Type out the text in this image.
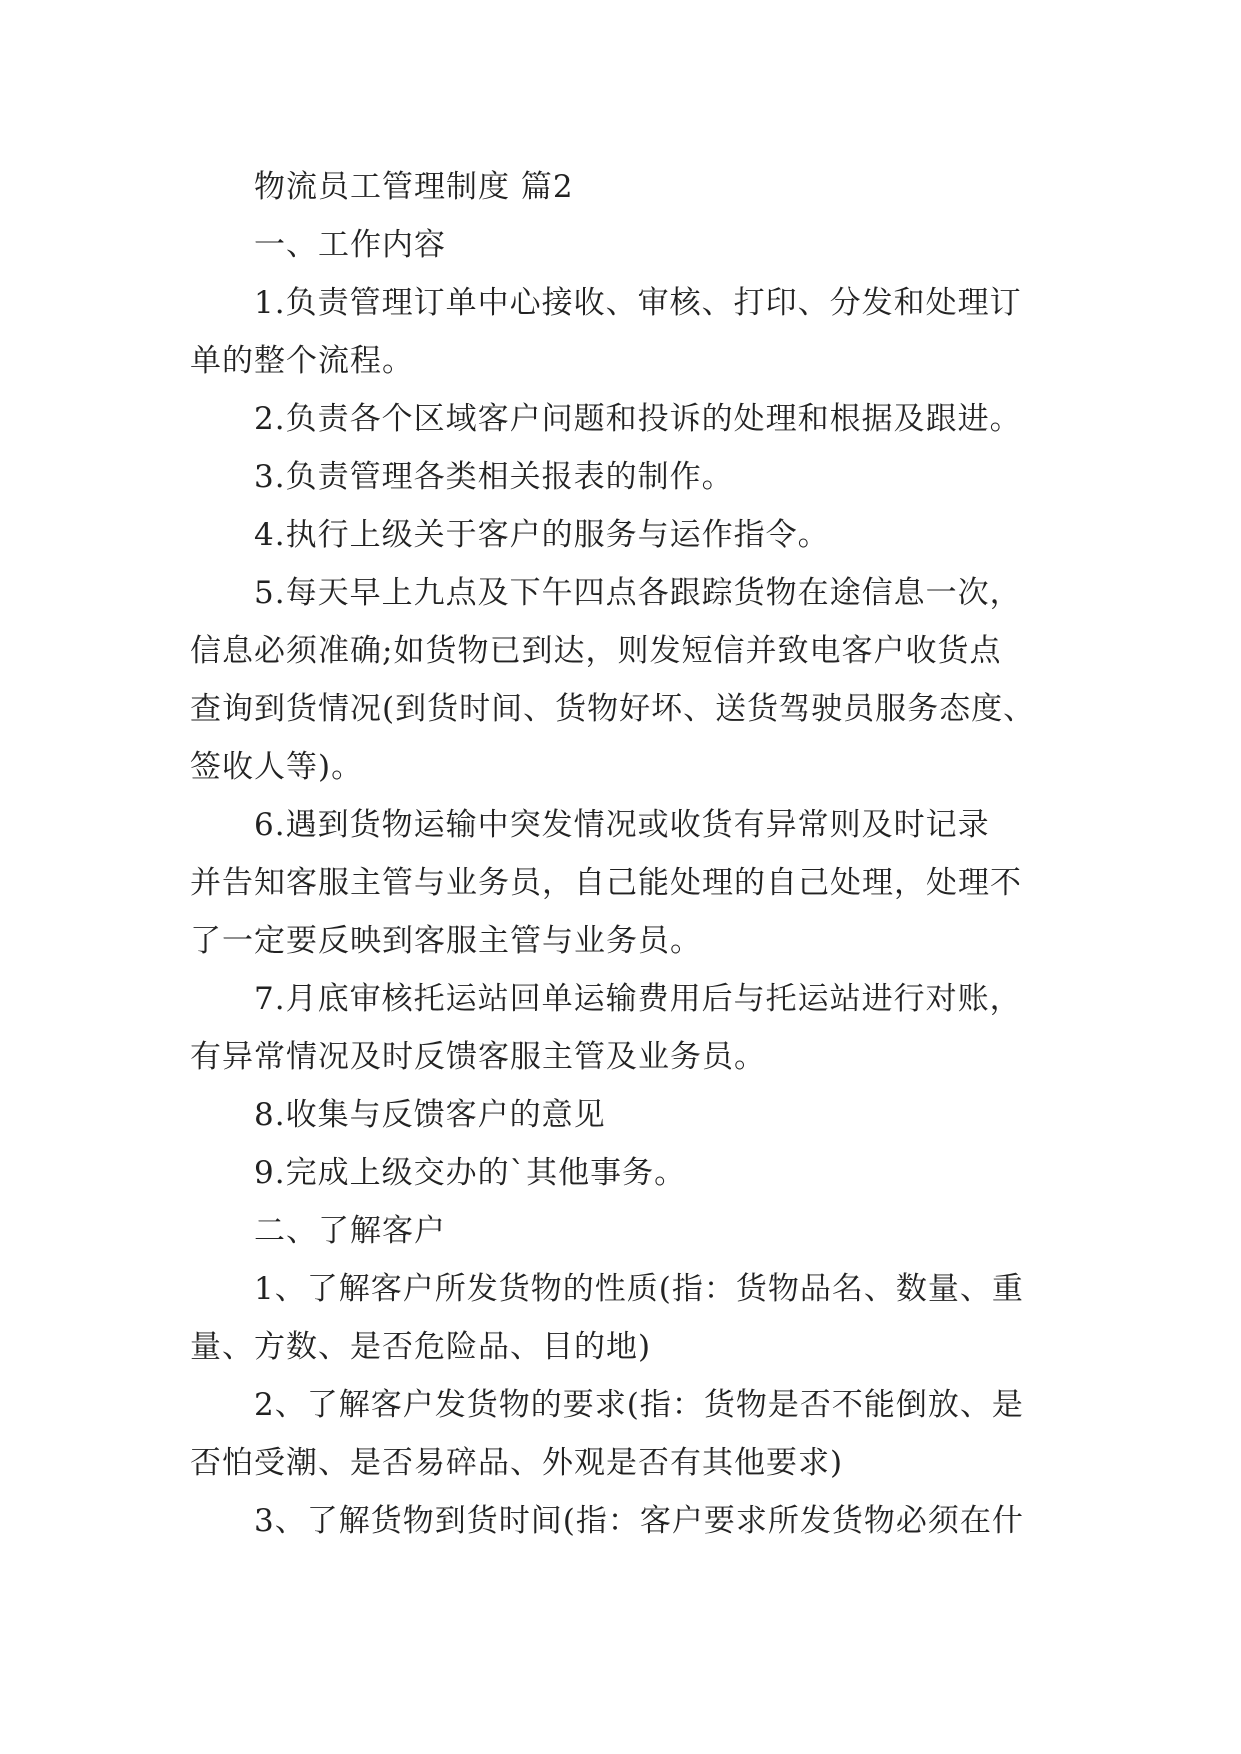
物流员工管理制度 篇2
一、工作内容
1.负责管理订单中心接收、审核、打印、分发和处理订
单的整个流程。
2.负责各个区域客户问题和投诉的处理和根据及跟进。
3.负责管理各类相关报表的制作。
4.执行上级关于客户的服务与运作指令。
5.每天早上九点及下午四点各跟踪货物在途信息一次，
信息必须准确;如货物已到达，则发短信并致电客户收货点
查询到货情况(到货时间、货物好坏、送货驾驶员服务态度、
签收人等)。
6.遇到货物运输中突发情况或收货有异常则及时记录
并告知客服主管与业务员，自己能处理的自己处理，处理不
了一定要反映到客服主管与业务员。
7.月底审核托运站回单运输费用后与托运站进行对账，
有异常情况及时反馈客服主管及业务员。
8.收集与反馈客户的意见
9.完成上级交办的`其他事务。
二、了解客户
1、了解客户所发货物的性质(指：货物品名、数量、重
量、方数、是否危险品、目的地)
2、了解客户发货物的要求(指：货物是否不能倒放、是
否怕受潮、是否易碎品、外观是否有其他要求)
3、了解货物到货时间(指：客户要求所发货物必须在什
